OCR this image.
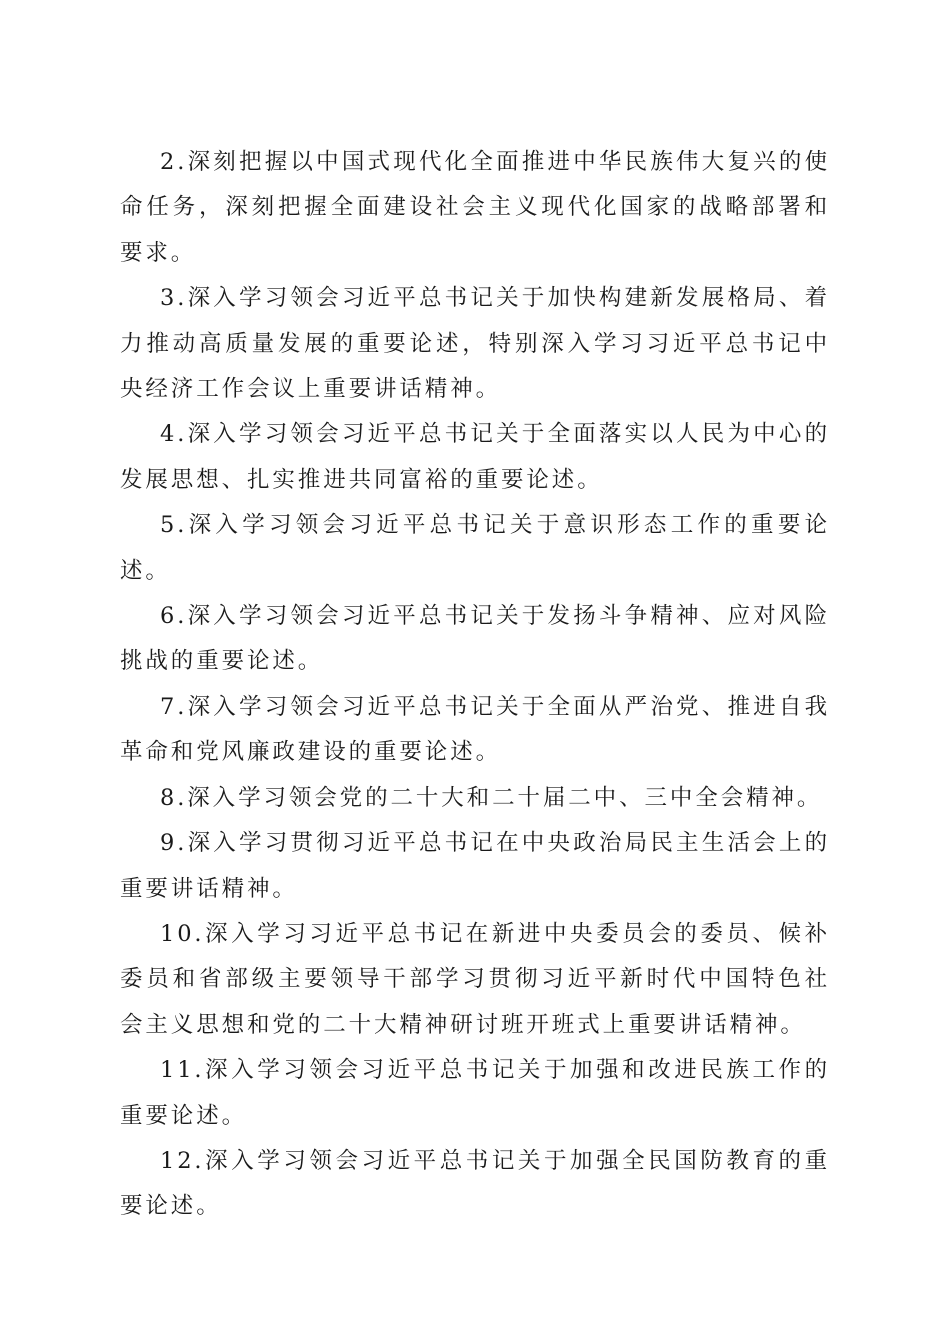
2.深刻把握以中国式现代化全面推进中华民族伟大复兴的使命任务，深刻把握全面建设社会主义现代化国家的战略部署和要求。

3.深入学习领会习近平总书记关于加快构建新发展格局、着力推动高质量发展的重要论述，特别深入学习习近平总书记中央经济工作会议上重要讲话精神。

4.深入学习领会习近平总书记关于全面落实以人民为中心的发展思想、扎实推进共同富裕的重要论述。

5.深入学习领会习近平总书记关于意识形态工作的重要论述。

6.深入学习领会习近平总书记关于发扬斗争精神、应对风险挑战的重要论述。

7.深入学习领会习近平总书记关于全面从严治党、推进自我革命和党风廉政建设的重要论述。

8.深入学习领会党的二十大和二十届二中、三中全会精神。

9.深入学习贯彻习近平总书记在中央政治局民主生活会上的重要讲话精神。

10.深入学习习近平总书记在新进中央委员会的委员、候补委员和省部级主要领导干部学习贯彻习近平新时代中国特色社会主义思想和党的二十大精神研讨班开班式上重要讲话精神。

11.深入学习领会习近平总书记关于加强和改进民族工作的重要论述。

12.深入学习领会习近平总书记关于加强全民国防教育的重要论述。
